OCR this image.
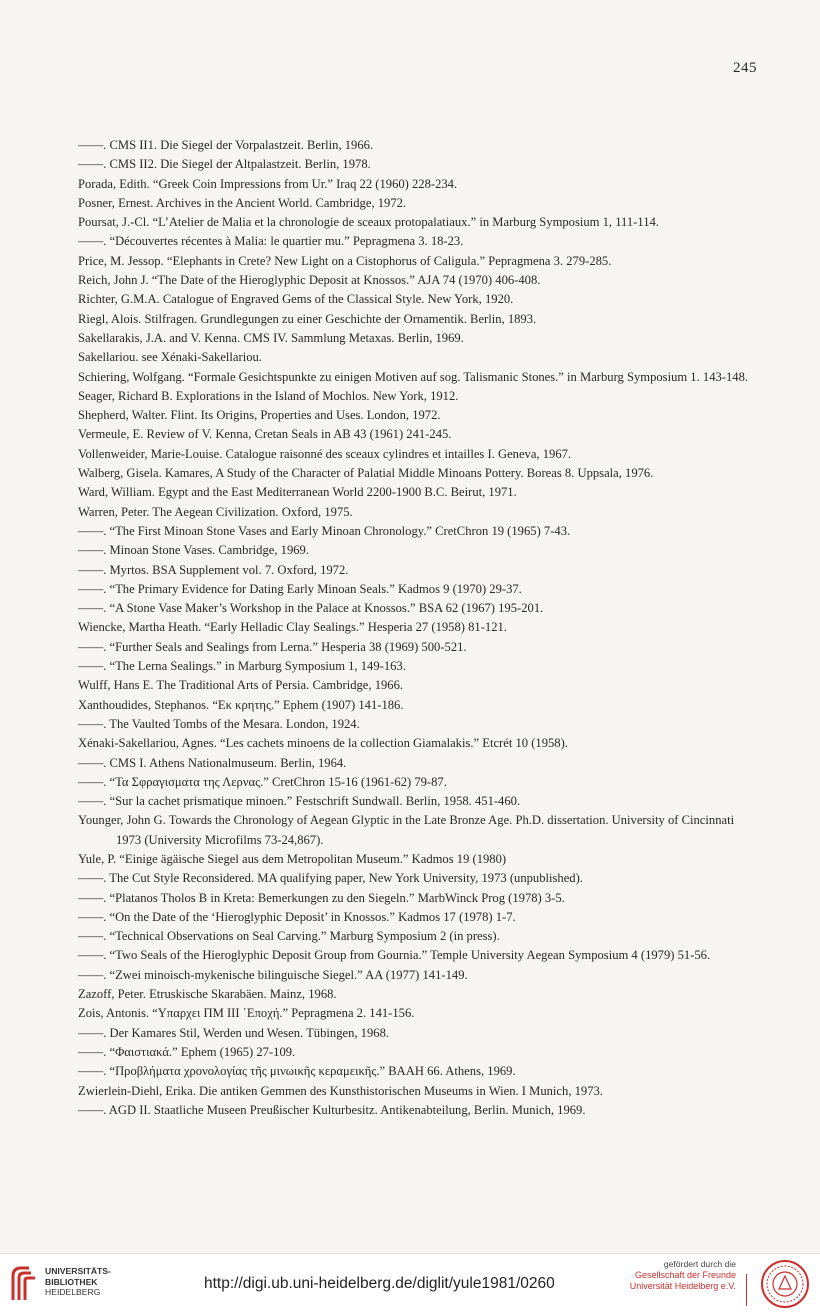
245

——. CMS II1. Die Siegel der Vorpalastzeit. Berlin, 1966.

——. CMS II2. Die Siegel der Altpalastzeit. Berlin, 1978.

Porada, Edith. “Greek Coin Impressions from Ur.” Iraq 22 (1960) 228-234.

Posner, Ernest. Archives in the Ancient World. Cambridge, 1972.

Poursat, J.-Cl. “L’Atelier de Malia et la chronologie de sceaux protopalatiaux.” in Marburg Symposium 1, 111-114.

——. “Découvertes récentes à Malia: le quartier mu.” Pepragmena 3. 18-23.

Price, M. Jessop. “Elephants in Crete? New Light on a Cistophorus of Caligula.” Pepragmena 3. 279-285.

Reich, John J. “The Date of the Hieroglyphic Deposit at Knossos.” AJA 74 (1970) 406-408.

Richter, G.M.A. Catalogue of Engraved Gems of the Classical Style. New York, 1920.

Riegl, Alois. Stilfragen. Grundlegungen zu einer Geschichte der Ornamentik. Berlin, 1893.

Sakellarakis, J.A. and V. Kenna. CMS IV. Sammlung Metaxas. Berlin, 1969.

Sakellariou. see Xénaki-Sakellariou.

Schiering, Wolfgang. “Formale Gesichtspunkte zu einigen Motiven auf sog. Talismanic Stones.” in Marburg Symposium 1. 143-148.

Seager, Richard B. Explorations in the Island of Mochlos. New York, 1912.

Shepherd, Walter. Flint. Its Origins, Properties and Uses. London, 1972.

Vermeule, E. Review of V. Kenna, Cretan Seals in AB 43 (1961) 241-245.

Vollenweider, Marie-Louise. Catalogue raisonné des sceaux cylindres et intailles I. Geneva, 1967.

Walberg, Gisela. Kamares, A Study of the Character of Palatial Middle Minoans Pottery. Boreas 8. Uppsala, 1976.

Ward, William. Egypt and the East Mediterranean World 2200-1900 B.C. Beirut, 1971.

Warren, Peter. The Aegean Civilization. Oxford, 1975.

——. “The First Minoan Stone Vases and Early Minoan Chronology.” CretChron 19 (1965) 7-43.

——. Minoan Stone Vases. Cambridge, 1969.

——. Myrtos. BSA Supplement vol. 7. Oxford, 1972.

——. “The Primary Evidence for Dating Early Minoan Seals.” Kadmos 9 (1970) 29-37.

——. “A Stone Vase Maker’s Workshop in the Palace at Knossos.” BSA 62 (1967) 195-201.

Wiencke, Martha Heath. “Early Helladic Clay Sealings.” Hesperia 27 (1958) 81-121.

——. “Further Seals and Sealings from Lerna.” Hesperia 38 (1969) 500-521.

——. “The Lerna Sealings.” in Marburg Symposium 1, 149-163.

Wulff, Hans E. The Traditional Arts of Persia. Cambridge, 1966.

Xanthoudides, Stephanos. “Εκ κρητης.” Ephem (1907) 141-186.

——. The Vaulted Tombs of the Mesara. London, 1924.

Xénaki-Sakellariou, Agnes. “Les cachets minoens de la collection Giamalakis.” Etcrét 10 (1958).

——. CMS I. Athens Nationalmuseum. Berlin, 1964.

——. “Τα Σφραγισματα της Λερνας.” CretChron 15-16 (1961-62) 79-87.

——. “Sur la cachet prismatique minoen.” Festschrift Sundwall. Berlin, 1958. 451-460.

Younger, John G. Towards the Chronology of Aegean Glyptic in the Late Bronze Age. Ph.D. dissertation. University of Cincinnati 1973 (University Microfilms 73-24,867).

Yule, P. “Einige ägäische Siegel aus dem Metropolitan Museum.” Kadmos 19 (1980)

——. The Cut Style Reconsidered. MA qualifying paper, New York University, 1973 (unpublished).

——. “Platanos Tholos B in Kreta: Bemerkungen zu den Siegeln.” MarbWinck Prog (1978) 3-5.

——. “On the Date of the ‘Hieroglyphic Deposit’ in Knossos.” Kadmos 17 (1978) 1-7.

——. “Technical Observations on Seal Carving.” Marburg Symposium 2 (in press).

——. “Two Seals of the Hieroglyphic Deposit Group from Gournia.” Temple University Aegean Symposium 4 (1979) 51-56.

——. “Zwei minoisch-mykenische bilinguische Siegel.” AA (1977) 141-149.

Zazoff, Peter. Etruskische Skarabäen. Mainz, 1968.

Zois, Antonis. “Υπαρχει ΠΜ ΙΙΙ ᾿Εποχή.” Pepragmena 2. 141-156.

——. Der Kamares Stil, Werden und Wesen. Tübingen, 1968.

——. “Φαιστιακά.” Ephem (1965) 27-109.

——. “Προβλήματα χρονολογίας τῆς μινωικῆς κεραμεικῆς.” BAAH 66. Athens, 1969.

Zwierlein-Diehl, Erika. Die antiken Gemmen des Kunsthistorischen Museums in Wien. I Munich, 1973.

——. AGD II. Staatliche Museen Preußischer Kulturbesitz. Antikenabteilung, Berlin. Munich, 1969.

UNIVERSITÄTS-
BIBLIOTHEK
HEIDELBERG	http://digi.ub.uni-heidelberg.de/diglit/yule1981/0260
gefördert durch die
Gesellschaft der Freunde
Universität Heidelberg e.V.
